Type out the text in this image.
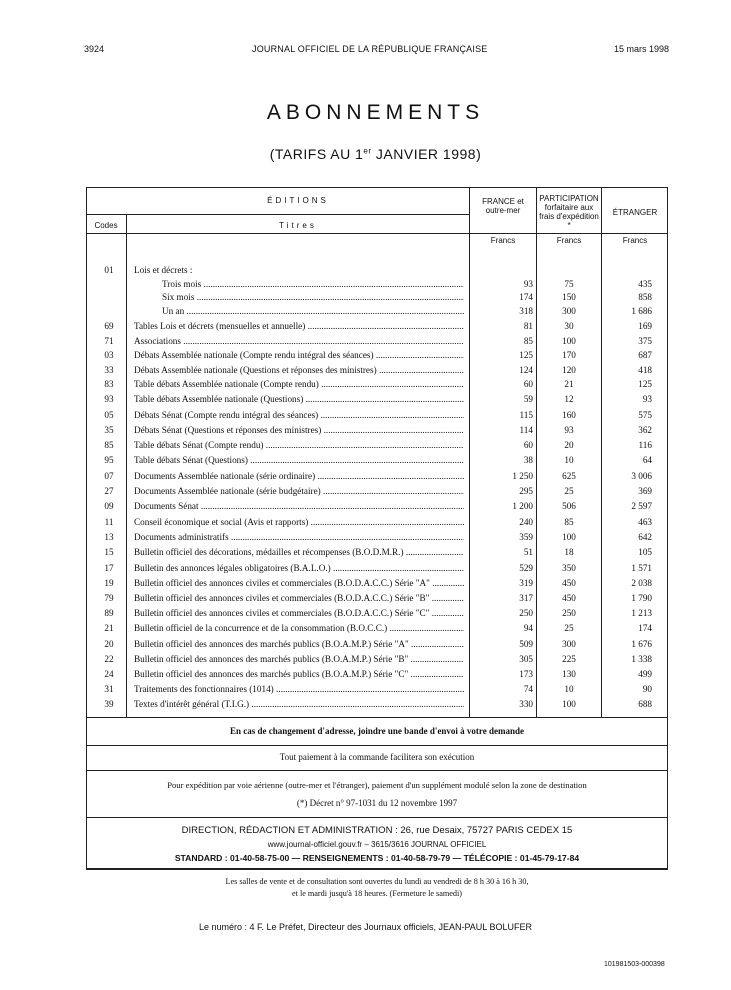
3924	JOURNAL OFFICIEL DE LA RÉPUBLIQUE FRANÇAISE	15 mars 1998
ABONNEMENTS
(TARIFS AU 1er JANVIER 1998)
ÉDITIONS
Codes	Titres
FRANCE et outre-mer
PARTICIPATION forfaitaire aux frais d'expédition *
ÉTRANGER
Francs	Francs	Francs
01	Lois et décrets :
Trois mois .....	93	75	435
Six mois .....	174	150	858
Un an .....	318	300	1 686
69	Tables Lois et décrets (mensuelles et annuelle) .....	81	30	169
71	Associations .....	85	100	375
03	Débats Assemblée nationale (Compte rendu intégral des séances) .....	125	170	687
33	Débats Assemblée nationale (Questions et réponses des ministres) .....	124	120	418
83	Table débats Assemblée nationale (Compte rendu) .....	60	21	125
93	Table débats Assemblée nationale (Questions) .....	59	12	93
05	Débats Sénat (Compte rendu intégral des séances) .....	115	160	575
35	Débats Sénat (Questions et réponses des ministres) .....	114	93	362
85	Table débats Sénat (Compte rendu) .....	60	20	116
95	Table débats Sénat (Questions) .....	38	10	64
07	Documents Assemblée nationale (série ordinaire) .....	1 250	625	3 006
27	Documents Assemblée nationale (série budgétaire) .....	295	25	369
09	Documents Sénat .....	1 200	506	2 597
11	Conseil économique et social (Avis et rapports) .....	240	85	463
13	Documents administratifs .....	359	100	642
15	Bulletin officiel des décorations, médailles et récompenses (B.O.D.M.R.) .....	51	18	105
17	Bulletin des annonces légales obligatoires (B.A.L.O.) .....	529	350	1 571
19	Bulletin officiel des annonces civiles et commerciales (B.O.D.A.C.C.) Série "A" .....	319	450	2 038
79	Bulletin officiel des annonces civiles et commerciales (B.O.D.A.C.C.) Série "B" .....	317	450	1 790
89	Bulletin officiel des annonces civiles et commerciales (B.O.D.A.C.C.) Série "C" .....	250	250	1 213
21	Bulletin officiel de la concurrence et de la consommation (B.O.C.C.) .....	94	25	174
20	Bulletin officiel des annonces des marchés publics (B.O.A.M.P.) Série "A" .....	509	300	1 676
22	Bulletin officiel des annonces des marchés publics (B.O.A.M.P.) Série "B" .....	305	225	1 338
24	Bulletin officiel des annonces des marchés publics (B.O.A.M.P.) Série "C" .....	173	130	499
31	Traitements des fonctionnaires (1014) .....	74	10	90
39	Textes d'intérêt général (T.I.G.) .....	330	100	688
En cas de changement d'adresse, joindre une bande d'envoi à votre demande
Tout paiement à la commande facilitera son exécution
Pour expédition par voie aérienne (outre-mer et l'étranger), paiement d'un supplément modulé selon la zone de destination
(*) Décret n° 97-1031 du 12 novembre 1997
DIRECTION, RÉDACTION ET ADMINISTRATION : 26, rue Desaix, 75727 PARIS CEDEX 15
www.journal-officiel.gouv.fr – 3615/3616 JOURNAL OFFICIEL
STANDARD : 01-40-58-75-00 — RENSEIGNEMENTS : 01-40-58-79-79 — TÉLÉCOPIE : 01-45-79-17-84
Les salles de vente et de consultation sont ouvertes du lundi au vendredi de 8 h 30 à 16 h 30,
et le mardi jusqu'à 18 heures. (Fermeture le samedi)
Le numéro : 4 F. Le Préfet, Directeur des Journaux officiels, JEAN-PAUL BOLUFER
101981503-000398
